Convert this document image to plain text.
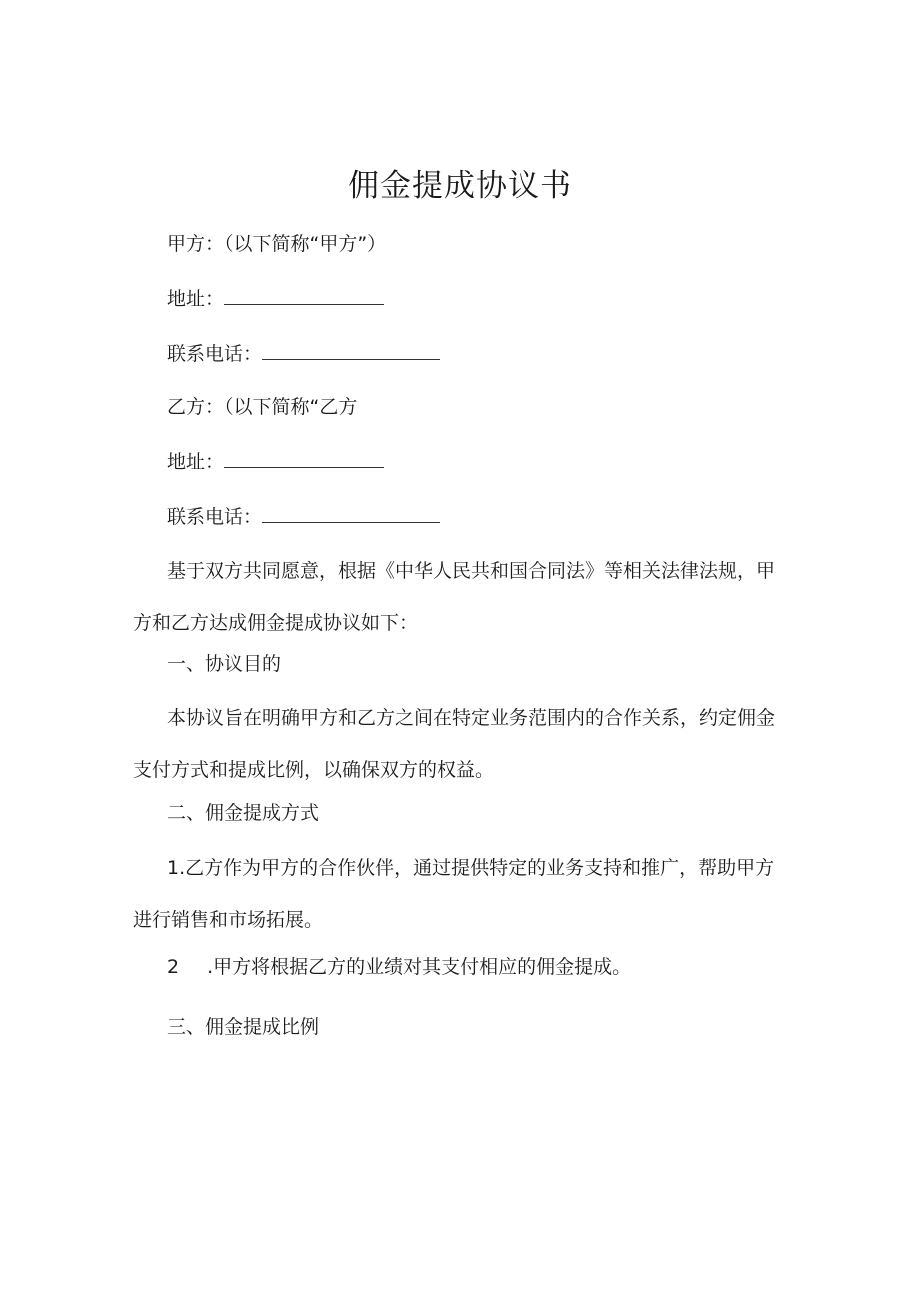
佣金提成协议书

甲方：（以下简称“甲方”）

地址：

联系电话：

乙方：（以下简称“乙方

地址：

联系电话：

基于双方共同愿意，根据《中华人民共和国合同法》等相关法律法规，甲方和乙方达成佣金提成协议如下：

一、协议目的

本协议旨在明确甲方和乙方之间在特定业务范围内的合作关系，约定佣金支付方式和提成比例，以确保双方的权益。

二、佣金提成方式

1.乙方作为甲方的合作伙伴，通过提供特定的业务支持和推广，帮助甲方进行销售和市场拓展。

2 .甲方将根据乙方的业绩对其支付相应的佣金提成。

三、佣金提成比例
